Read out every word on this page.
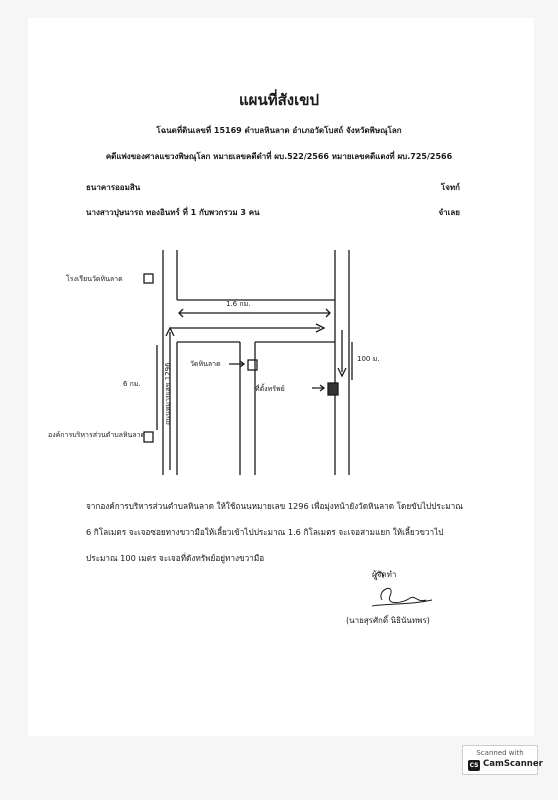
แผนที่สังเขป
โฉนดที่ดินเลขที่ 15169 ตำบลหินลาด อำเภอวัดโบสถ์ จังหวัดพิษณุโลก
คดีแพ่งของศาลแขวงพิษณุโลก หมายเลขคดีดำที่ ผบ.522/2566 หมายเลขคดีแดงที่ ผบ.725/2566
ธนาคารออมสิน	โจทก์
นางสาวปุษนารถ ทองอินทร์ ที่ 1 กับพวกรวม 3 คน	จำเลย
โรงเรียนวัดหินลาด
วัดหินลาด
ที่ตั้งทรัพย์
องค์การบริหารส่วนตำบลหินลาด
1.6 กม.
100 ม.
6 กม.	ถนนหมายเลข 1296
จากองค์การบริหารส่วนตำบลหินลาด ให้ใช้ถนนหมายเลข 1296 เพื่อมุ่งหน้ายังวัดหินลาด โดยขับไปประมาณ
6 กิโลเมตร จะเจอซอยทางขวามือให้เลี้ยวเข้าไปประมาณ 1.6 กิโลเมตร จะเจอสามแยก ให้เลี้ยวขวาไป
ประมาณ 100 เมตร จะเจอที่ดังทรัพย์อยู่ทางขวามือ
ผู้จัดทำ
(นายสุรศักดิ์ นิธินันทพร)
Scanned with
CS CamScanner
